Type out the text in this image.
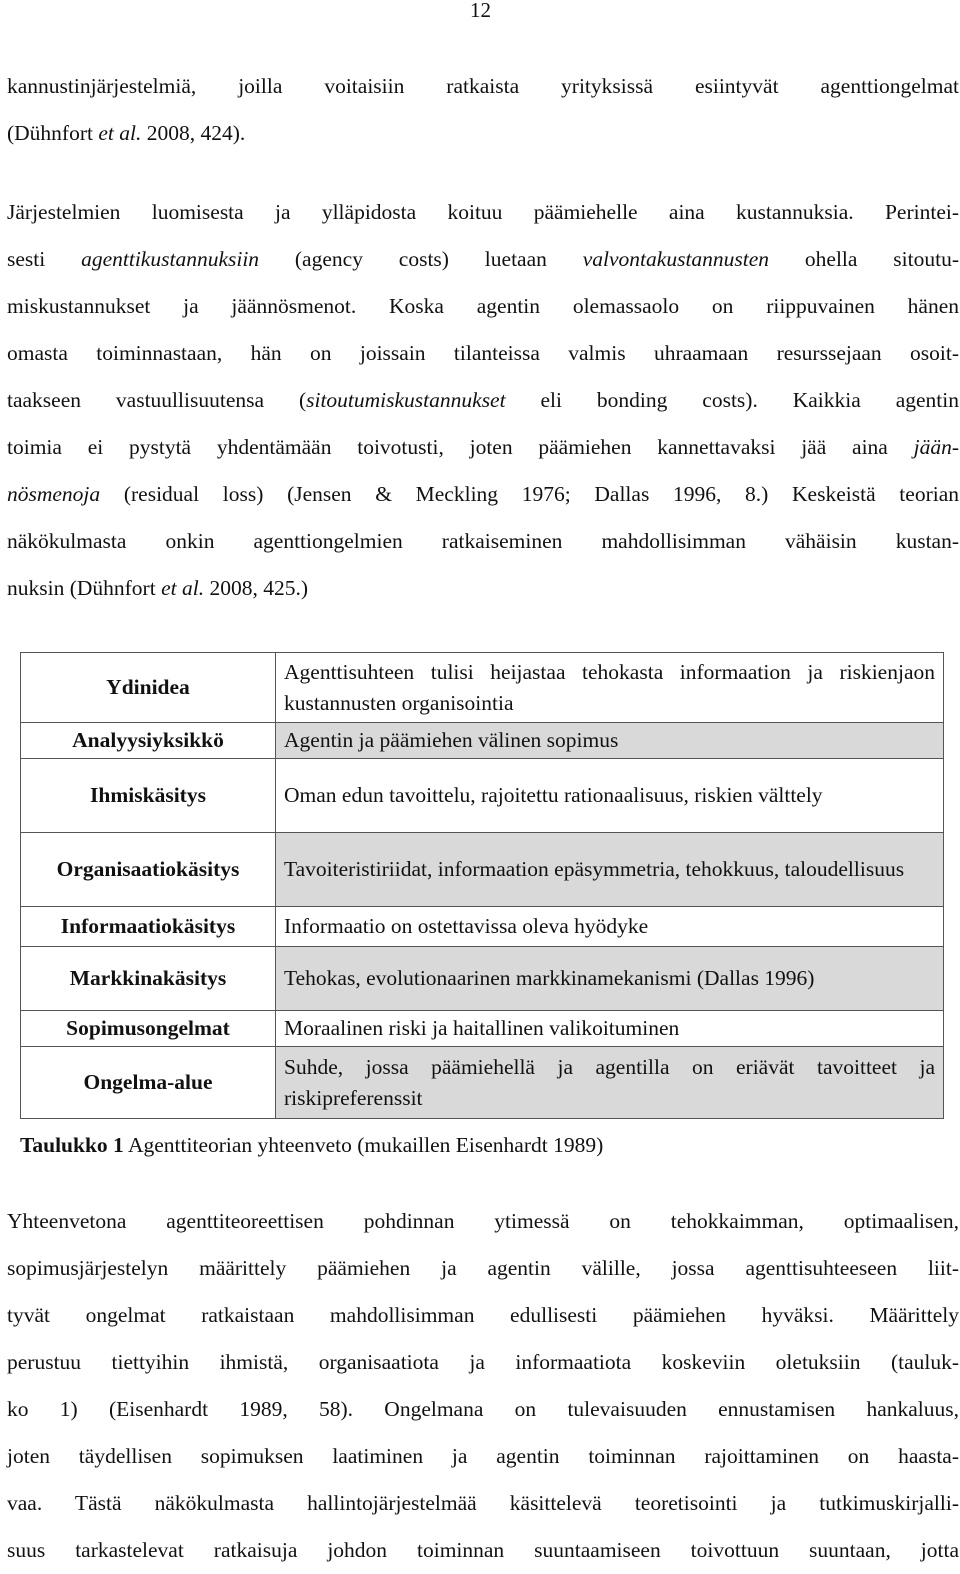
12
kannustinjärjestelmiä, joilla voitaisiin ratkaista yrityksissä esiintyvät agenttiongelmat
(Dühnfort et al. 2008, 424).
Järjestelmien luomisesta ja ylläpidosta koituu päämiehelle aina kustannuksia. Perintei-
sesti agenttikustannuksiin (agency costs) luetaan valvontakustannusten ohella sitoutu-
miskustannukset ja jäännösmenot. Koska agentin olemassaolo on riippuvainen hänen
omasta toiminnastaan, hän on joissain tilanteissa valmis uhraamaan resurssejaan osoit-
taakseen vastuullisuutensa (sitoutumiskustannukset eli bonding costs). Kaikkia agentin
toimia ei pystytä yhdentämään toivotusti, joten päämiehen kannettavaksi jää aina jään-
nösmenoja (residual loss) (Jensen & Meckling 1976; Dallas 1996, 8.) Keskeistä teorian
näkökulmasta onkin agenttiongelmien ratkaiseminen mahdollisimman vähäisin kustan-
nuksin (Dühnfort et al. 2008, 425.)
Ydinidea	Agenttisuhteen tulisi heijastaa tehokasta informaation ja riskienjaon kustannusten organisointia
Analyysiyksikkö	Agentin ja päämiehen välinen sopimus
Ihmiskäsitys	Oman edun tavoittelu, rajoitettu rationaalisuus, riskien välttely
Organisaatiokäsitys	Tavoiteristiriidat, informaation epäsymmetria, tehokkuus, taloudellisuus
Informaatiokäsitys	Informaatio on ostettavissa oleva hyödyke
Markkinakäsitys	Tehokas, evolutionaarinen markkinamekanismi (Dallas 1996)
Sopimusongelmat	Moraalinen riski ja haitallinen valikoituminen
Ongelma-alue	Suhde, jossa päämiehellä ja agentilla on eriävät tavoitteet ja riskipreferenssit
Taulukko 1 Agenttiteorian yhteenveto (mukaillen Eisenhardt 1989)
Yhteenvetona agenttiteoreettisen pohdinnan ytimessä on tehokkaimman, optimaalisen,
sopimusjärjestelyn määrittely päämiehen ja agentin välille, jossa agenttisuhteeseen liit-
tyvät ongelmat ratkaistaan mahdollisimman edullisesti päämiehen hyväksi. Määrittely
perustuu tiettyihin ihmistä, organisaatiota ja informaatiota koskeviin oletuksiin (tauluk-
ko 1) (Eisenhardt 1989, 58). Ongelmana on tulevaisuuden ennustamisen hankaluus,
joten täydellisen sopimuksen laatiminen ja agentin toiminnan rajoittaminen on haasta-
vaa. Tästä näkökulmasta hallintojärjestelmää käsittelevä teoretisointi ja tutkimuskirjalli-
suus tarkastelevat ratkaisuja johdon toiminnan suuntaamiseen toivottuun suuntaan, jotta
